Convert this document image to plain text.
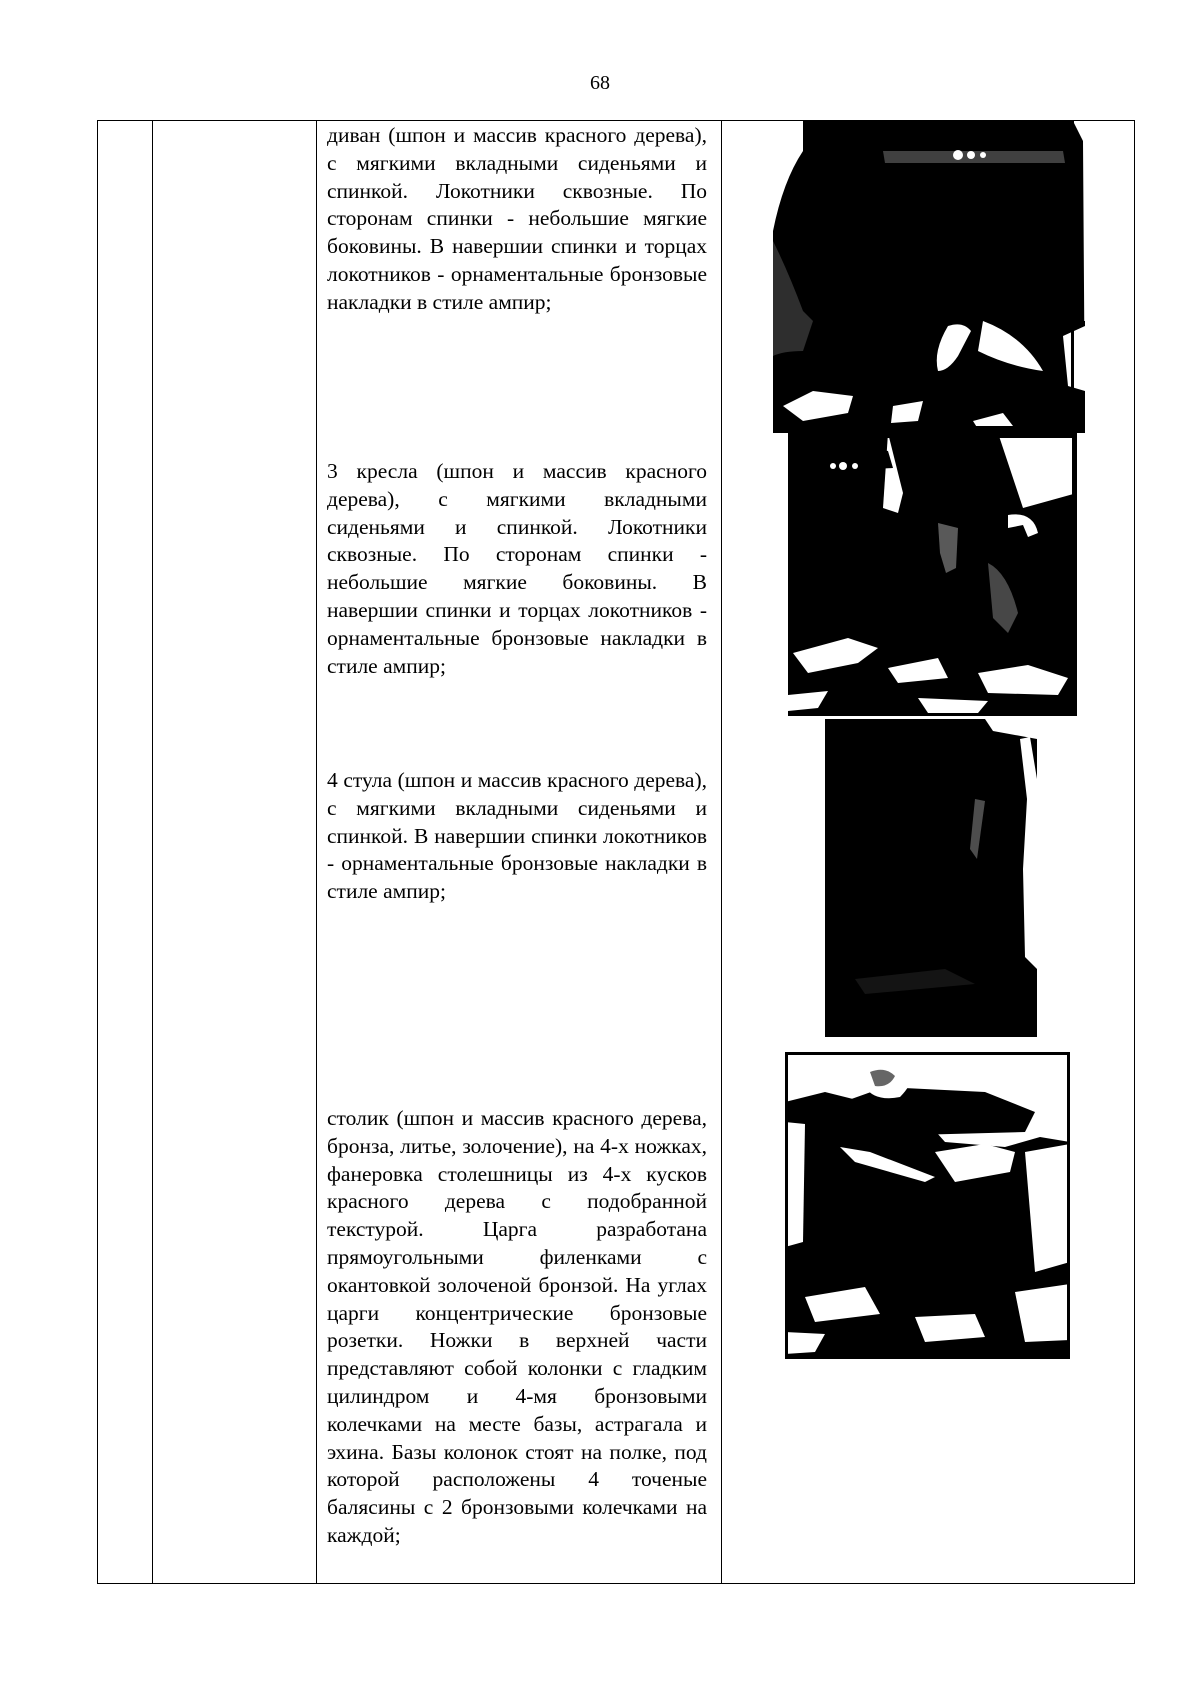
68

диван (шпон и массив красного дерева), с мягкими вкладными сиденьями и спинкой. Локотники сквозные. По сторонам спинки - небольшие мягкие боковины. В навершии спинки и торцах локотников - орнаментальные бронзовые накладки в стиле ампир;

3 кресла (шпон и массив красного дерева), с мягкими вкладными сиденьями и спинкой. Локотники сквозные. По сторонам спинки - небольшие мягкие боковины. В навершии спинки и торцах локотников - орнаментальные бронзовые накладки в стиле ампир;

4 стула (шпон и массив красного дерева), с мягкими вкладными сиденьями и спинкой. В навершии спинки локотников - орнаментальные бронзовые накладки в стиле ампир;

столик (шпон и массив красного дерева, бронза, литье, золочение), на 4-х ножках, фанеровка столешницы из 4-х кусков красного дерева с подобранной текстурой. Царга разработана прямоугольными филенками с окантовкой золоченой бронзой. На углах царги концентрические бронзовые розетки. Ножки в верхней части представляют собой колонки с гладким цилиндром и 4-мя бронзовыми колечками на месте базы, астрагала и эхина. Базы колонок стоят на полке, под которой расположены 4 точеные балясины с 2 бронзовыми колечками на каждой;
